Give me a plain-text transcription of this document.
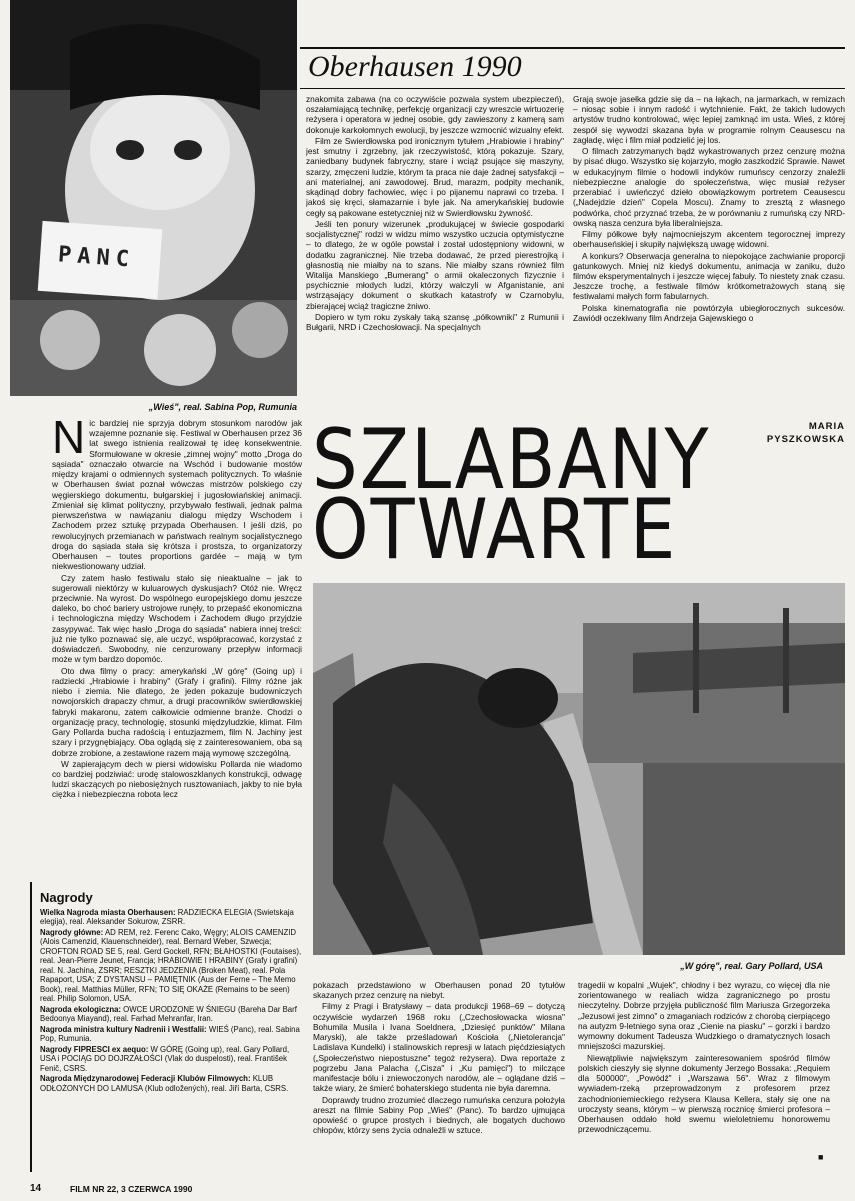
PANC
„Wieś", real. Sabina Pop, Rumunia
Oberhausen 1990

znakomita zabawa (na co oczywiście pozwala system ubezpieczeń), oszałamiającą technikę, perfekcję organizacji czy wreszcie wirtuozerię reżysera i operatora w jednej osobie, gdy zawieszony z kamerą sam dokonuje karkołomnych ewolucji, by jeszcze wzmocnić wizualny efekt.

Film ze Swierdłowska pod ironicznym tytułem „Hrabiowie i hrabiny" jest smutny i zgrzebny, jak rzeczywistość, którą pokazuje. Szary, zaniedbany budynek fabryczny, stare i wciąż psujące się maszyny, szarzy, zmęczeni ludzie, którym ta praca nie daje żadnej satysfakcji – ani materialnej, ani zawodowej. Brud, marazm, podpity mechanik, skądinąd dobry fachowiec, więc i po pijanemu naprawi co trzeba. I jakoś się kręci, słamazarnie i byle jak. Na amerykańskiej budowie cegły są pakowane estetyczniej niż w Swierdłowsku żywność.

Jeśli ten ponury wizerunek „produkującej w świecie gospodarki socjalistycznej" rodzi w widzu mimo wszystko uczucia optymistyczne – to dlatego, że w ogóle powstał i został udostępniony widowni, w dodatku zagranicznej. Nie trzeba dodawać, że przed pierestrojką i głasnostią nie miałby na to szans. Nie miałby szans również film Witalija Manskiego „Bumerang" o armii okaleczonych fizycznie i psychicznie młodych ludzi, którzy walczyli w Afganistanie, ani wstrząsający dokument o skutkach katastrofy w Czarnobylu, zbierającej wciąż tragiczne żniwo.

Dopiero w tym roku zyskały taką szansę „półkowniki" z Rumunii i Bułgarii, NRD i Czechosłowacji. Na specjalnych

Grają swoje jasełka gdzie się da – na łąkach, na jarmarkach, w remizach – niosąc sobie i innym radość i wytchnienie. Fakt, że takich ludowych artystów trudno kontrolować, więc lepiej zamknąć im usta. Wieś, z której zespół się wywodzi skazana była w programie rolnym Ceausescu na zagładę, więc i film miał podzielić jej los.

O filmach zatrzymanych bądź wykastrowanych przez cenzurę można by pisać długo. Wszystko się kojarzyło, mogło zaszkodzić Sprawie. Nawet w edukacyjnym filmie o hodowli indyków rumuńscy cenzorzy znaleźli niebezpieczne analogie do społeczeństwa, więc musiał reżyser przerabiać i uwieńczyć dzieło obowiązkowym portretem Ceausescu („Nadejdzie dzień" Copela Moscu). Znamy to zresztą z własnego podwórka, choć przyznać trzeba, że w porównaniu z rumuńską czy NRD-owską nasza cenzura była liberalniejsza.

Filmy półkowe były najmocniejszym akcentem tegorocznej imprezy oberhauseńskiej i skupiły największą uwagę widowni.

A konkurs? Obserwacja generalna to niepokojące zachwianie proporcji gatunkowych. Mniej niż kiedyś dokumentu, animacja w zaniku, dużo filmów eksperymentalnych i jeszcze więcej fabuły. To niestety znak czasu. Jeszcze trochę, a festiwale filmów krótkometrażowych staną się festiwalami małych form fabularnych.

Polska kinematografia nie powtórzyła ubiegłorocznych sukcesów. Zawiódł oczekiwany film Andrzeja Gajewskiego o

SZLABANY
OTWARTE
MARIA
PYSZKOWSKA

Nic bardziej nie sprzyja dobrym stosunkom narodów jak wzajemne poznanie się. Festiwal w Oberhausen przez 36 lat swego istnienia realizował tę ideę konsekwentnie. Sformułowane w okresie „zimnej wojny" motto „Droga do sąsiada" oznaczało otwarcie na Wschód i budowanie mostów między krajami o odmiennych systemach politycznych. To właśnie w Oberhausen świat poznał wówczas mistrzów polskiego czy węgierskiego dokumentu, bułgarskiej i jugosłowiańskiej animacji. Zmieniał się klimat polityczny, przybywało festiwali, jednak palma pierwszeństwa w nawiązaniu dialogu między Wschodem i Zachodem przez sztukę przypada Oberhausen. I jeśli dziś, po rewolucyjnych przemianach w państwach realnym socjalistycznego droga do sąsiada stała się krótsza i prostsza, to organizatorzy Oberhausen – toutes proportions gardée – mają w tym niekwestionowany udział.

Czy zatem hasło festiwalu stało się nieaktualne – jak to sugerowali niektórzy w kuluarowych dyskusjach? Otóż nie. Wręcz przeciwnie. Na wyrost. Do wspólnego europejskiego domu jeszcze daleko, bo choć bariery ustrojowe runęły, to przepaść ekonomiczna i technologiczna między Wschodem i Zachodem długo przyjdzie zasypywać. Tak więc hasło „Droga do sąsiada" nabiera innej treści: już nie tylko poznawać się, ale uczyć, współpracować, korzystać z doświadczeń. Swobodny, nie cenzurowany przepływ informacji może w tym bardzo dopomóc.

Oto dwa filmy o pracy: amerykański „W górę" (Going up) i radziecki „Hrabiowie i hrabiny" (Grafy i grafini). Filmy różne jak niebo i ziemia. Nie dlatego, że jeden pokazuje budowniczych nowojorskich drapaczy chmur, a drugi pracowników swierdłowskiej fabryki makaronu, zatem całkowicie odmienne branże. Chodzi o organizację pracy, technologię, stosunki międzyludzkie, klimat. Film Gary Pollarda bucha radością i entuzjazmem, film N. Jachiny jest szary i przygnębiający. Oba oglądą się z zainteresowaniem, oba są dobrze zrobione, a zestawione razem mają wymowę szczególną.

W zapierającym dech w piersi widowisku Pollarda nie wiadomo co bardziej podziwiać: urodę stalowoszklanych konstrukcji, odwagę ludzi skaczących po niebosiężnych rusztowaniach, jakby to nie była ciężka i niebezpieczna robota lecz

Nagrody
Wielka Nagroda miasta Oberhausen: RADZIECKA ELEGIA (Swietskaja elegija), real. Aleksander Sokurow, ZSRR.
Nagrody główne: AD REM, reż. Ferenc Cako, Węgry; ALOIS CAMENZID (Alois Camenzid, Klauenschneider), real. Bernard Weber, Szwecja; CROFTON ROAD SE 5, real. Gerd Gockell, RFN; BŁAHOSTKI (Foutaises), real. Jean-Pierre Jeunet, Francja; HRABIOWIE I HRABINY (Grafy i grafini) real. N. Jachina, ZSRR; RESZTKI JEDZENIA (Broken Meat), real. Pola Rapaport, USA; Z DYSTANSU – PAMIĘTNIK (Aus der Ferne – The Memo Book), real. Matthias Müller, RFN; TO SIĘ OKAŻE (Remains to be seen) real. Philip Solomon, USA.
Nagroda ekologiczna: OWCE URODZONE W ŚNIEGU (Bareha Dar Barf Bedoonya Miayand), real. Farhad Mehranfar, Iran.
Nagroda ministra kultury Nadrenii i Westfalii: WIEŚ (Panc), real. Sabina Pop, Rumunia.
Nagrody FIPRESCI ex aequo: W GÓRĘ (Going up), real. Gary Pollard, USA i POCIĄG DO DOJRZAŁOŚCI (Vlak do duspelosti), real. František Fenič, CSRS.
Nagroda Międzynarodowej Federacji Klubów Filmowych: KLUB ODŁOŻONYCH DO LAMUSA (Klub odložených), real. Jiří Barta, CSRS.
„W górę", real. Gary Pollard, USA

pokazach przedstawiono w Oberhausen ponad 20 tytułów skazanych przez cenzurę na niebyt.

Filmy z Pragi i Bratysławy – data produkcji 1968–69 – dotyczą oczywiście wydarzeń 1968 roku („Czechosłowacka wiosna" Bohumila Musila i Ivana Soeldnera, „Dziesięć punktów" Milana Maryski), ale także prześladowań Kościoła („Nietolerancja" Ladislava Kundelki) i stalinowskich represji w latach pięćdziesiątych („Społeczeństwo niepostuszne" tegoż reżysera). Dwa reportaże z pogrzebu Jana Palacha („Cisza" i „Ku pamięci") to milczące manifestacje bólu i zniewoczonych narodów, ale – oglądane dziś – także wiary, że śmierć bohaterskiego studenta nie była daremna.

Doprawdy trudno zrozumieć dlaczego rumuńska cenzura położyła areszt na filmie Sabiny Pop „Wieś" (Panc). To bardzo ujmująca opowieść o grupce prostych i biednych, ale bogatych duchowo chłopów, którzy sens życia odnaleźli w sztuce.

tragedii w kopalni „Wujek", chłodny i bez wyrazu, co więcej dla nie zorientowanego w realiach widza zagranicznego po prostu nieczytelny. Dobrze przyjęła publiczność film Mariusza Grzegorzeka „Jezusowi jest zimno" o zmaganiach rodziców z chorobą cierpiącego na autyzm 9-letniego syna oraz „Cienie na piasku" – gorzki i bardzo wymowny dokument Tadeusza Wudzkiego o dramatycznych losach mniejszości mazurskiej.

Niewątpliwie największym zainteresowaniem spośród filmów polskich cieszyły się słynne dokumenty Jerzego Bossaka: „Requiem dla 500000", „Powódź" i „Warszawa 56". Wraz z filmowym wywiadem-rzeką przeprowadzonym z profesorem przez zachodnioniemieckiego reżysera Klausa Kellera, stały się one na uroczysty seans, którym – w pierwszą rocznicę śmierci profesora – Oberhausen oddało hołd swemu wieloletniemu honorowemu przewodniczącemu.

■
14	FILM NR 22, 3 CZERWCA 1990
